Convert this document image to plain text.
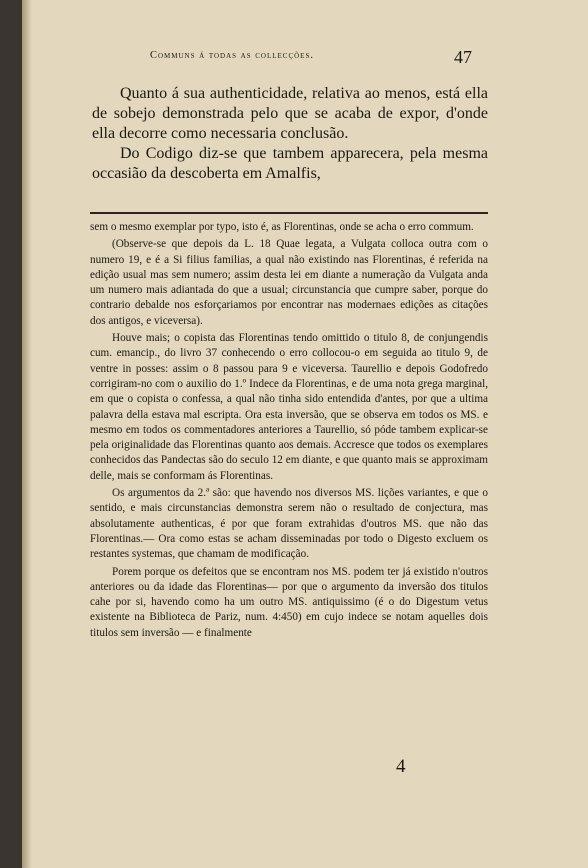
Communs á todas as collecções.	47

Quanto á sua authenticidade, relativa ao menos, está ella de sobejo demonstrada pelo que se acaba de expor, d'onde ella decorre como necessaria conclusão.

Do Codigo diz-se que tambem apparecera, pela mesma occasião da descoberta em Amalfis,

sem o mesmo exemplar por typo, isto é, as Florentinas, onde se acha o erro commum.

(Observe-se que depois da L. 18 Quae legata, a Vulgata colloca outra com o numero 19, e é a Si filius familias, a qual não existindo nas Florentinas, é referida na edição usual mas sem numero; assim desta lei em diante a numeração da Vulgata anda um numero mais adiantada do que a usual; circunstancia que cumpre saber, porque do contrario debalde nos esforçariamos por encontrar nas modernaes edições as citações dos antigos, e viceversa).

Houve mais; o copista das Florentinas tendo omittido o titulo 8, de conjungendis cum. emancip., do livro 37 conhecendo o erro collocou-o em seguida ao titulo 9, de ventre in posses: assim o 8 passou para 9 e viceversa. Taurellio e depois Godofredo corrigiram-no com o auxilio do 1.º Indece da Florentinas, e de uma nota grega marginal, em que o copista o confessa, a qual não tinha sido entendida d'antes, por que a ultima palavra della estava mal escripta. Ora esta inversão, que se observa em todos os MS. e mesmo em todos os commentadores anteriores a Taurellio, só póde tambem explicar-se pela originalidade das Florentinas quanto aos demais. Accresce que todos os exemplares conhecidos das Pandectas são do seculo 12 em diante, e que quanto mais se approximam delle, mais se conformam ás Florentinas.

Os argumentos da 2.ª são: que havendo nos diversos MS. lições variantes, e que o sentido, e mais circunstancias demonstra serem não o resultado de conjectura, mas absolutamente authenticas, é por que foram extrahidas d'outros MS. que não das Florentinas.— Ora como estas se acham disseminadas por todo o Digesto excluem os restantes systemas, que chamam de modificação.

Porem porque os defeitos que se encontram nos MS. podem ter já existido n'outros anteriores ou da idade das Florentinas— por que o argumento da inversão dos titulos cahe por si, havendo como ha um outro MS. antiquissimo (é o do Digestum vetus existente na Biblioteca de Pariz, num. 4:450) em cujo indece se notam aquelles dois titulos sem inversão — e finalmente

4
